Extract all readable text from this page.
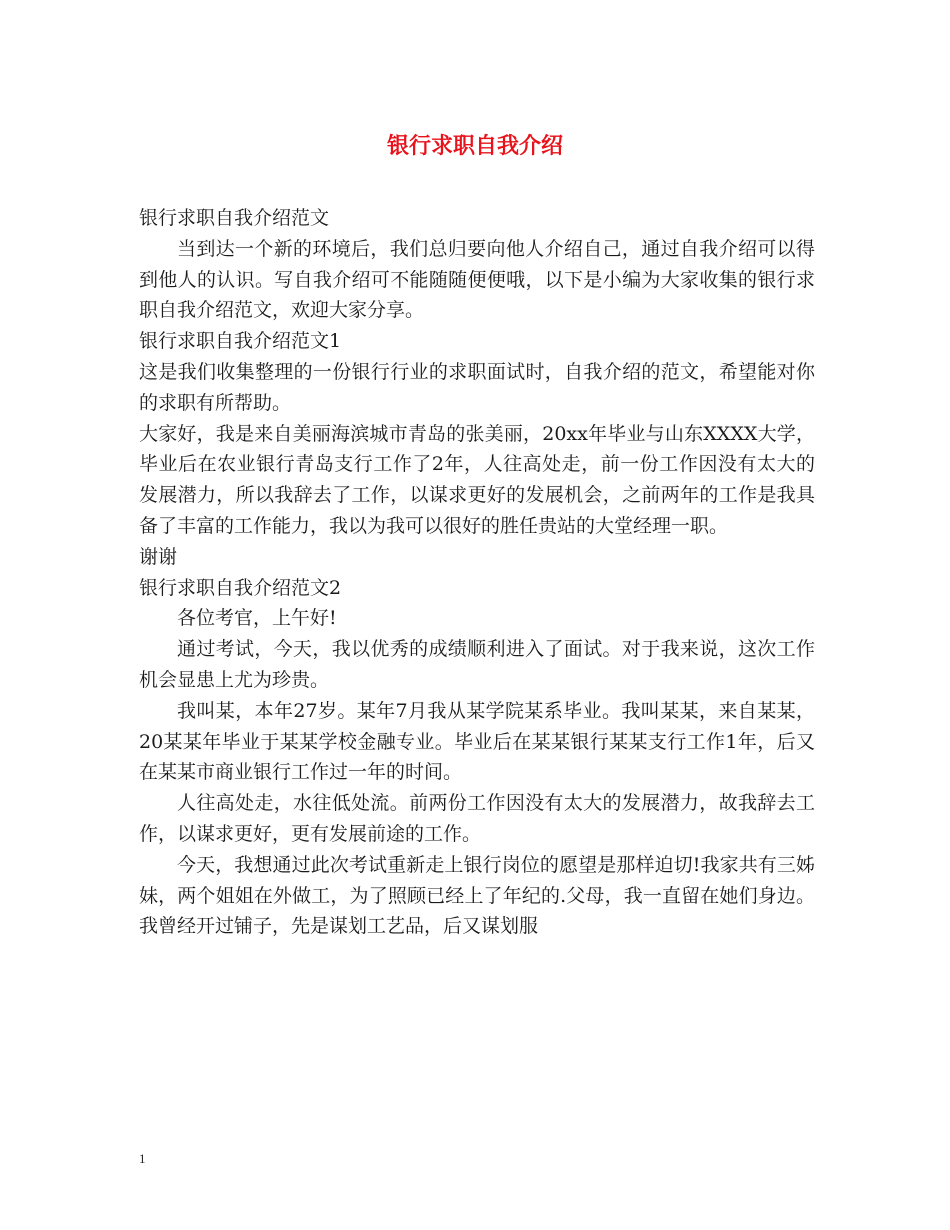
银行求职自我介绍

银行求职自我介绍范文

当到达一个新的环境后，我们总归要向他人介绍自己，通过自我介绍可以得到他人的认识。写自我介绍可不能随随便便哦，以下是小编为大家收集的银行求职自我介绍范文，欢迎大家分享。

银行求职自我介绍范文1

这是我们收集整理的一份银行行业的求职面试时，自我介绍的范文，希望能对你的求职有所帮助。

大家好，我是来自美丽海滨城市青岛的张美丽，20xx年毕业与山东XXXX大学，毕业后在农业银行青岛支行工作了2年，人往高处走，前一份工作因没有太大的发展潜力，所以我辞去了工作，以谋求更好的发展机会，之前两年的工作是我具备了丰富的工作能力，我以为我可以很好的胜任贵站的大堂经理一职。

谢谢

银行求职自我介绍范文2

各位考官，上午好!

通过考试，今天，我以优秀的成绩顺利进入了面试。对于我来说，这次工作机会显患上尤为珍贵。

我叫某，本年27岁。某年7月我从某学院某系毕业。我叫某某，来自某某，20某某年毕业于某某学校金融专业。毕业后在某某银行某某支行工作1年，后又在某某市商业银行工作过一年的时间。

人往高处走，水往低处流。前两份工作因没有太大的发展潜力，故我辞去工作，以谋求更好，更有发展前途的工作。

今天，我想通过此次考试重新走上银行岗位的愿望是那样迫切!我家共有三姊妹，两个姐姐在外做工，为了照顾已经上了年纪的.父母，我一直留在她们身边。我曾经开过铺子，先是谋划工艺品，后又谋划服

1
